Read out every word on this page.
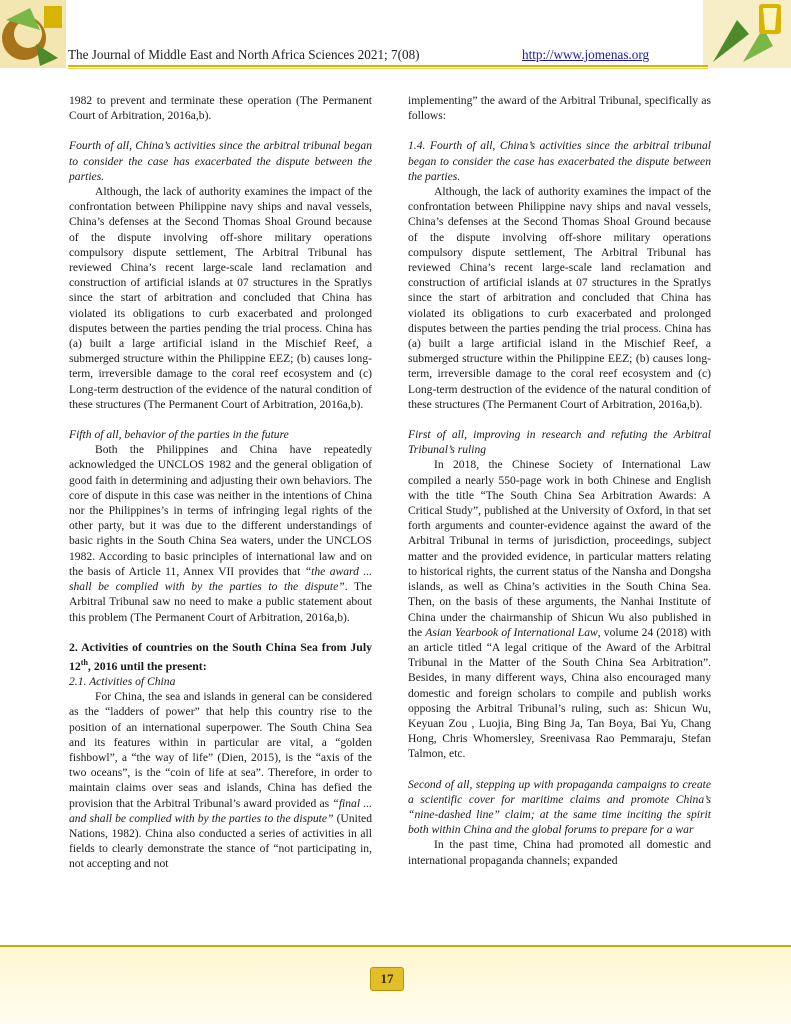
The Journal of Middle East and North Africa Sciences 2021; 7(08)	http://www.jomenas.org

1982 to prevent and terminate these operation (The Permanent Court of Arbitration, 2016a,b).

Fourth of all, China’s activities since the arbitral tribunal began to consider the case has exacerbated the dispute between the parties.

Although, the lack of authority examines the impact of the confrontation between Philippine navy ships and naval vessels, China’s defenses at the Second Thomas Shoal Ground because of the dispute involving off-shore military operations compulsory dispute settlement, The Arbitral Tribunal has reviewed China’s recent large-scale land reclamation and construction of artificial islands at 07 structures in the Spratlys since the start of arbitration and concluded that China has violated its obligations to curb exacerbated and prolonged disputes between the parties pending the trial process. China has (a) built a large artificial island in the Mischief Reef, a submerged structure within the Philippine EEZ; (b) causes long-term, irreversible damage to the coral reef ecosystem and (c) Long-term destruction of the evidence of the natural condition of these structures (The Permanent Court of Arbitration, 2016a,b).

Fifth of all, behavior of the parties in the future

Both the Philippines and China have repeatedly acknowledged the UNCLOS 1982 and the general obligation of good faith in determining and adjusting their own behaviors. The core of dispute in this case was neither in the intentions of China nor the Philippines’s in terms of infringing legal rights of the other party, but it was due to the different understandings of basic rights in the South China Sea waters, under the UNCLOS 1982. According to basic principles of international law and on the basis of Article 11, Annex VII provides that “the award ... shall be complied with by the parties to the dispute”. The Arbitral Tribunal saw no need to make a public statement about this problem (The Permanent Court of Arbitration, 2016a,b).

2. Activities of countries on the South China Sea from July 12th, 2016 until the present:

2.1. Activities of China

For China, the sea and islands in general can be considered as the “ladders of power” that help this country rise to the position of an international superpower. The South China Sea and its features within in particular are vital, a “golden fishbowl”, a “the way of life” (Dien, 2015), is the “axis of the two oceans”, is the “coin of life at sea”. Therefore, in order to maintain claims over seas and islands, China has defied the provision that the Arbitral Tribunal’s award provided as “final ... and shall be complied with by the parties to the dispute” (United Nations, 1982). China also conducted a series of activities in all fields to clearly demonstrate the stance of “not participating in, not accepting and not

implementing” the award of the Arbitral Tribunal, specifically as follows:

1.4. Fourth of all, China’s activities since the arbitral tribunal began to consider the case has exacerbated the dispute between the parties.

Although, the lack of authority examines the impact of the confrontation between Philippine navy ships and naval vessels, China’s defenses at the Second Thomas Shoal Ground because of the dispute involving off-shore military operations compulsory dispute settlement, The Arbitral Tribunal has reviewed China’s recent large-scale land reclamation and construction of artificial islands at 07 structures in the Spratlys since the start of arbitration and concluded that China has violated its obligations to curb exacerbated and prolonged disputes between the parties pending the trial process. China has (a) built a large artificial island in the Mischief Reef, a submerged structure within the Philippine EEZ; (b) causes long-term, irreversible damage to the coral reef ecosystem and (c) Long-term destruction of the evidence of the natural condition of these structures (The Permanent Court of Arbitration, 2016a,b).

First of all, improving in research and refuting the Arbitral Tribunal’s ruling

In 2018, the Chinese Society of International Law compiled a nearly 550-page work in both Chinese and English with the title “The South China Sea Arbitration Awards: A Critical Study”, published at the University of Oxford, in that set forth arguments and counter-evidence against the award of the Arbitral Tribunal in terms of jurisdiction, proceedings, subject matter and the provided evidence, in particular matters relating to historical rights, the current status of the Nansha and Dongsha islands, as well as China’s activities in the South China Sea. Then, on the basis of these arguments, the Nanhai Institute of China under the chairmanship of Shicun Wu also published in the Asian Yearbook of International Law, volume 24 (2018) with an article titled “A legal critique of the Award of the Arbitral Tribunal in the Matter of the South China Sea Arbitration”. Besides, in many different ways, China also encouraged many domestic and foreign scholars to compile and publish works opposing the Arbitral Tribunal’s ruling, such as: Shicun Wu, Keyuan Zou , Luojia, Bing Bing Ja, Tan Boya, Bai Yu, Chang Hong, Chris Whomersley, Sreenivasa Rao Pemmaraju, Stefan Talmon, etc.

Second of all, stepping up with propaganda campaigns to create a scientific cover for maritime claims and promote China’s “nine-dashed line” claim; at the same time inciting the spirit both within China and the global forums to prepare for a war

In the past time, China had promoted all domestic and international propaganda channels; expanded

17
